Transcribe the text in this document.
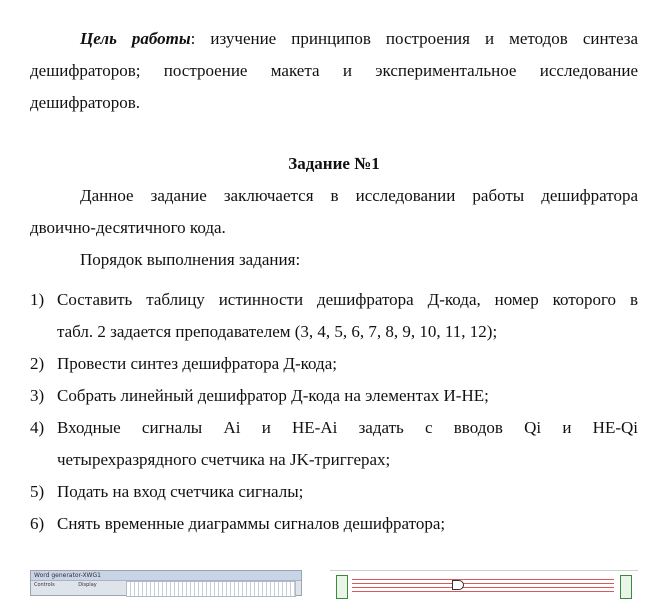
Цель работы: изучение принципов построения и методов синтеза
дешифраторов; построение макета и экспериментальное исследование
дешифраторов.
Задание №1
Данное задание заключается в исследовании работы дешифратора
двоично-десятичного кода.
Порядок выполнения задания:
1) Составить таблицу истинности дешифратора Д-кода, номер которого в
табл. 2 задается преподавателем (3, 4, 5, 6, 7, 8, 9, 10, 11, 12);
2) Провести синтез дешифратора Д-кода;
3) Собрать линейный дешифратор Д-кода на элементах И-НЕ;
4) Входные сигналы Ai и НЕ-Ai задать с вводов Qi и НЕ-Qi
четырехразрядного счетчика на JK-триггерах;
5) Подать на вход счетчика сигналы;
6) Снять временные диаграммы сигналов дешифратора;
Word generator-XWG1
Controls	Display
